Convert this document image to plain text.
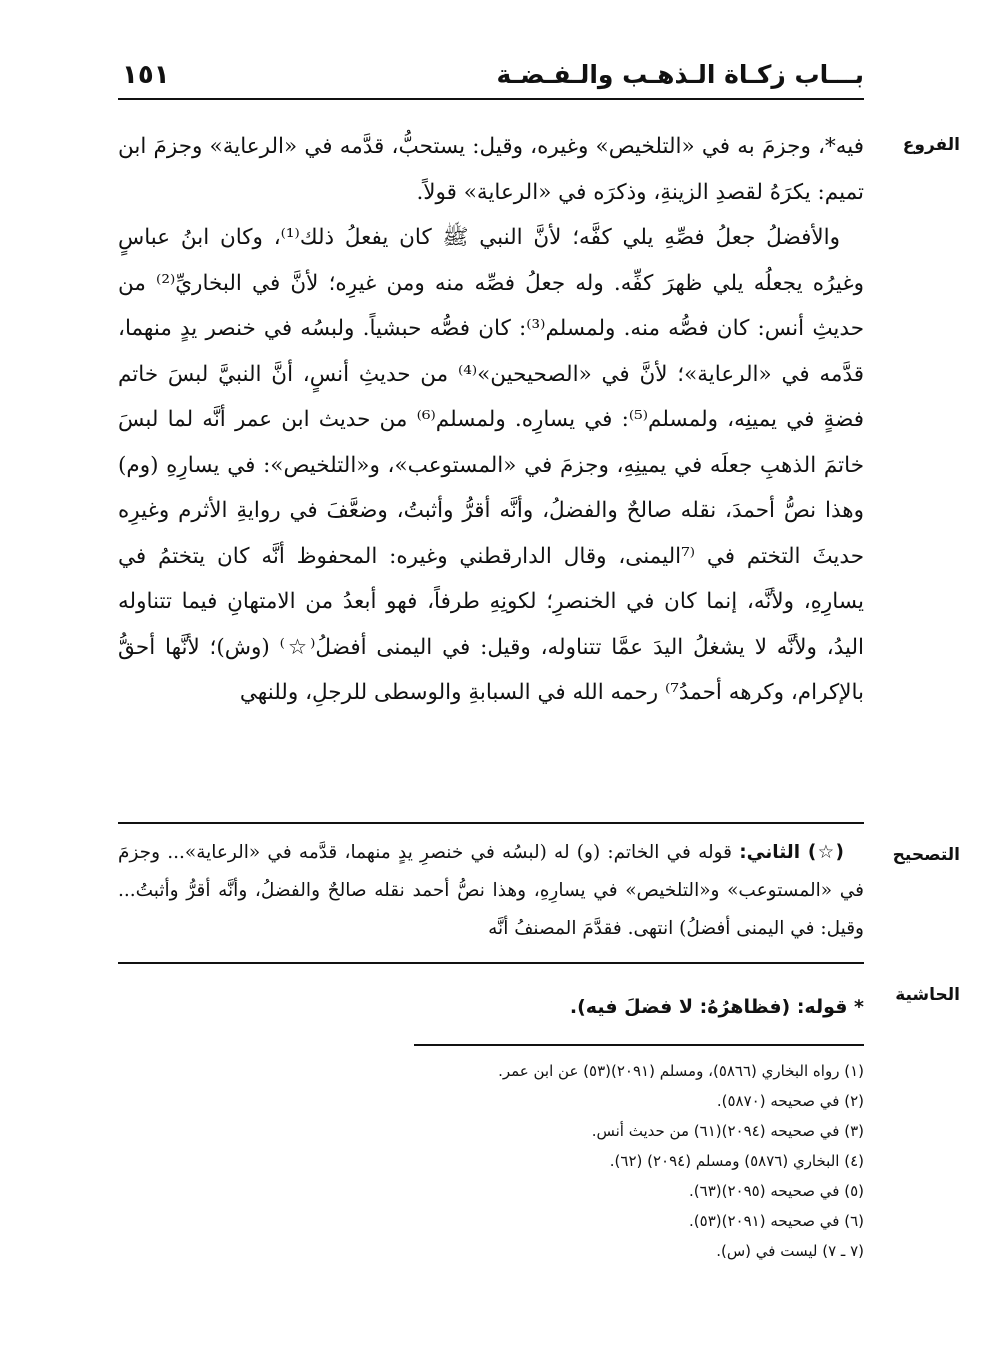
بـــاب زكـاة الـذهـب والـفـضـة
١٥١
الفروع

فيه*، وجزمَ به في «التلخيص» وغيره، وقيل: يستحبُّ، قدَّمه في «الرعاية» وجزمَ ابن تميم: يكرَهُ لقصدِ الزينةِ، وذكرَه في «الرعاية» قولاً.

والأفضلُ جعلُ فصِّهِ يلي كفَّه؛ لأنَّ النبي ﷺ كان يفعلُ ذلك⁽¹⁾، وكان ابنُ عباسٍ وغيرُه يجعلُه يلي ظهرَ كفِّه. وله جعلُ فصِّه منه ومن غيرِه؛ لأنَّ في البخاريِّ⁽²⁾ من حديثِ أنس: كان فصُّه منه. ولمسلم⁽³⁾: كان فصُّه حبشياً. ولبسُه في خنصر يدٍ منهما، قدَّمه في «الرعاية»؛ لأنَّ في «الصحيحين»⁽⁴⁾ من حديثِ أنسٍ، أنَّ النبيَّ لبسَ خاتم فضةٍ في يمينِه، ولمسلم⁽⁵⁾: في يسارِه. ولمسلم⁽⁶⁾ من حديث ابن عمر أنَّه لما لبسَ خاتمَ الذهبِ جعلَه في يمينِهِ، وجزمَ في «المستوعب»، و«التلخيص»: في يسارِهِ (وم) وهذا نصُّ أحمدَ، نقله صالحٌ والفضلُ، وأنَّه أقرُّ وأثبتُ، وضعَّفَ في روايةِ الأثرم وغيرِه حديثَ التختم في ⁽⁷اليمنى، وقال الدارقطني وغيره: المحفوظ أنَّه كان يتختمُ في يسارِهِ، ولأنَّه، إنما كان في الخنصرِ؛ لكونِهِ طرفاً، فهو أبعدُ من الامتهانِ فيما تتناوله اليدُ، ولأنَّه لا يشغلُ اليدَ عمَّا تتناوله، وقيل: في اليمنى أفضلُ⁽☆⁾ (وش)؛ لأنَّها أحقُّ بالإكرام، وكرهه أحمدُ⁷⁾ رحمه الله في السبابةِ والوسطى للرجلِ، وللنهي

التصحيح
(☆) الثاني: قوله في الخاتم: (و) له (لبسُه في خنصرِ يدٍ منهما، قدَّمه في «الرعاية»... وجزمَ في «المستوعب» و«التلخيص» في يسارِهِ، وهذا نصُّ أحمد نقله صالحٌ والفضلُ، وأنَّه أقرُّ وأثبتُ... وقيل: في اليمنى أفضلُ) انتهى. فقدَّمَ المصنفُ أنَّه
الحاشية
* قوله: (فظاهرُهُ: لا فضلَ فيه).
(١) رواه البخاري (٥٨٦٦)، ومسلم (٢٠٩١)(٥٣) عن ابن عمر.
(٢) في صحيحه (٥٨٧٠).
(٣) في صحيحه (٢٠٩٤)(٦١) من حديث أنس.
(٤) البخاري (٥٨٧٦) ومسلم (٢٠٩٤) (٦٢).
(٥) في صحيحه (٢٠٩٥)(٦٣).
(٦) في صحيحه (٢٠٩١)(٥٣).
(٧ ـ ٧) ليست في (س).
